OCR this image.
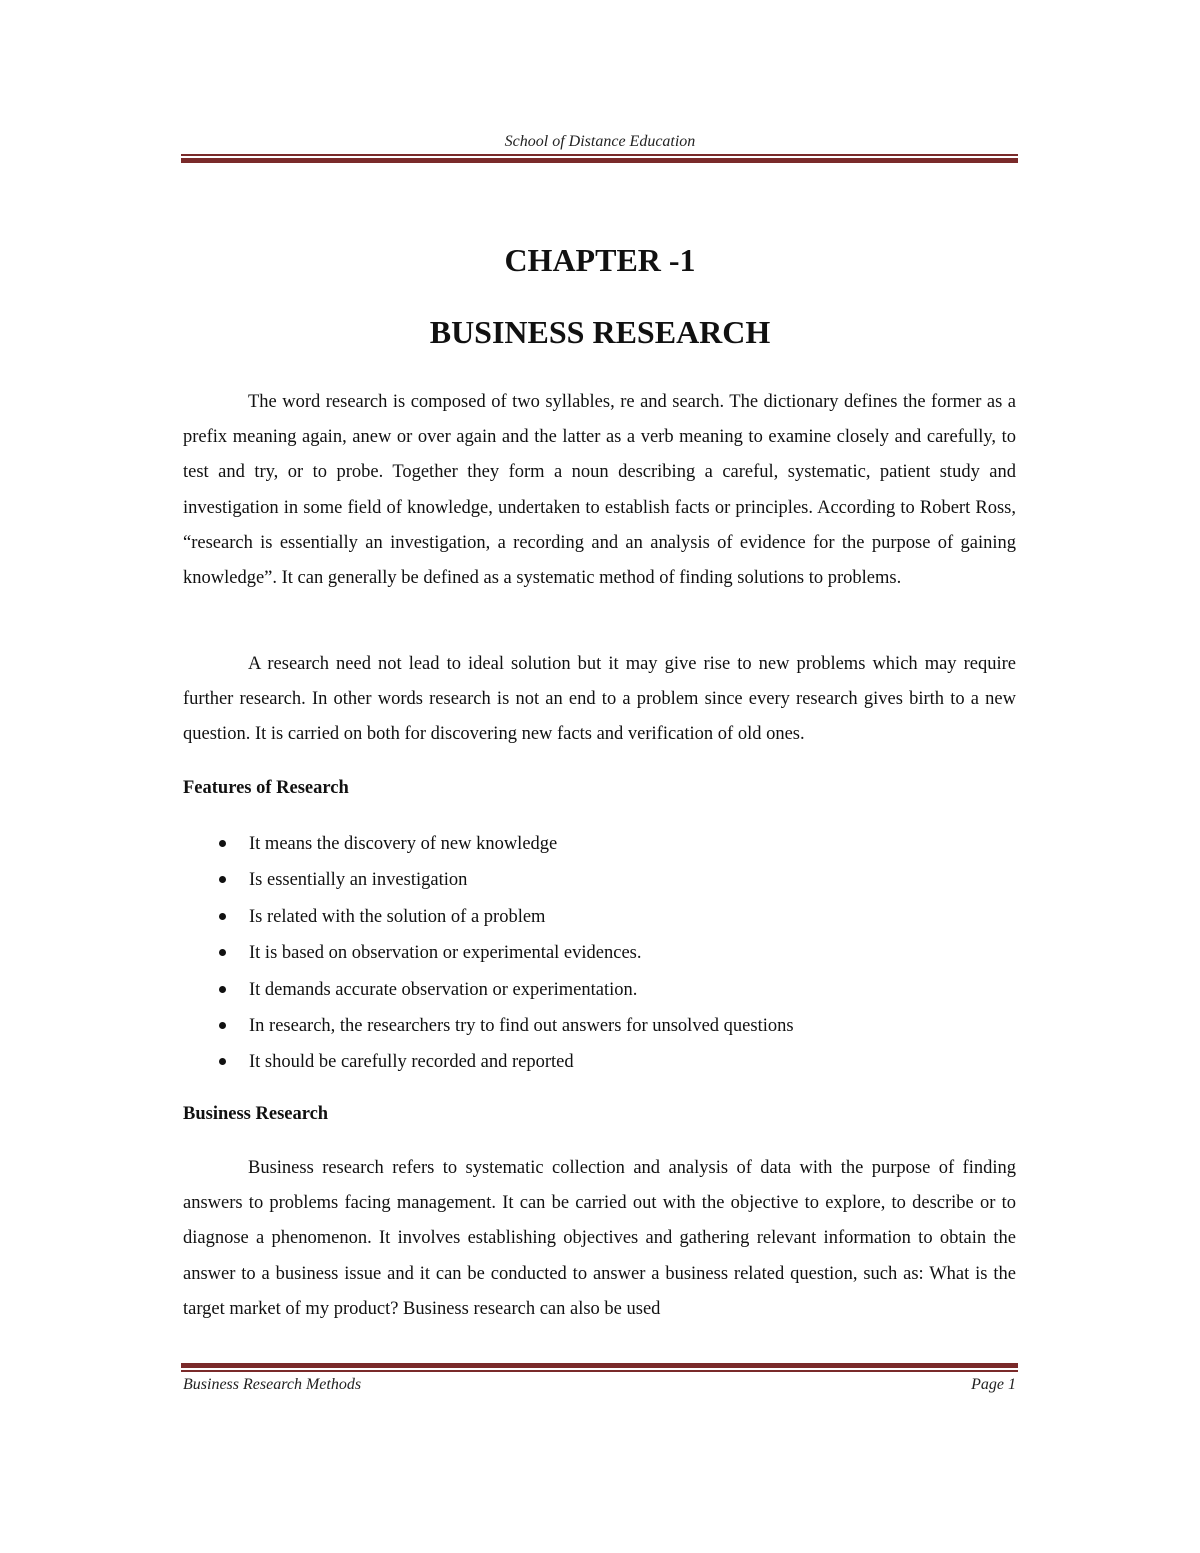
School of Distance Education
CHAPTER -1
BUSINESS RESEARCH

The word research is composed of two syllables, re and search. The dictionary defines the former as a prefix meaning again, anew or over again and the latter as a verb meaning to examine closely and carefully, to test and try, or to probe. Together they form a noun describing a careful, systematic, patient study and investigation in some field of knowledge, undertaken to establish facts or principles. According to Robert Ross, “research is essentially an investigation, a recording and an analysis of evidence for the purpose of gaining knowledge”. It can generally be defined as a systematic method of finding solutions to problems.

A research need not lead to ideal solution but it may give rise to new problems which may require further research. In other words research is not an end to a problem since every research gives birth to a new question. It is carried on both for discovering new facts and verification of old ones.

Features of Research
It means the discovery of new knowledge
Is essentially an investigation
Is related with the solution of a problem
It is based on observation or experimental evidences.
It demands accurate observation or experimentation.
In research, the researchers try to find out answers for unsolved questions
It should be carefully recorded and reported
Business Research

Business research refers to systematic collection and analysis of data with the purpose of finding answers to problems facing management. It can be carried out with the objective to explore, to describe or to diagnose a phenomenon. It involves establishing objectives and gathering relevant information to obtain the answer to a business issue and it can be conducted to answer a business related question, such as: What is the target market of my product? Business research can also be used

Business Research Methods	Page 1
